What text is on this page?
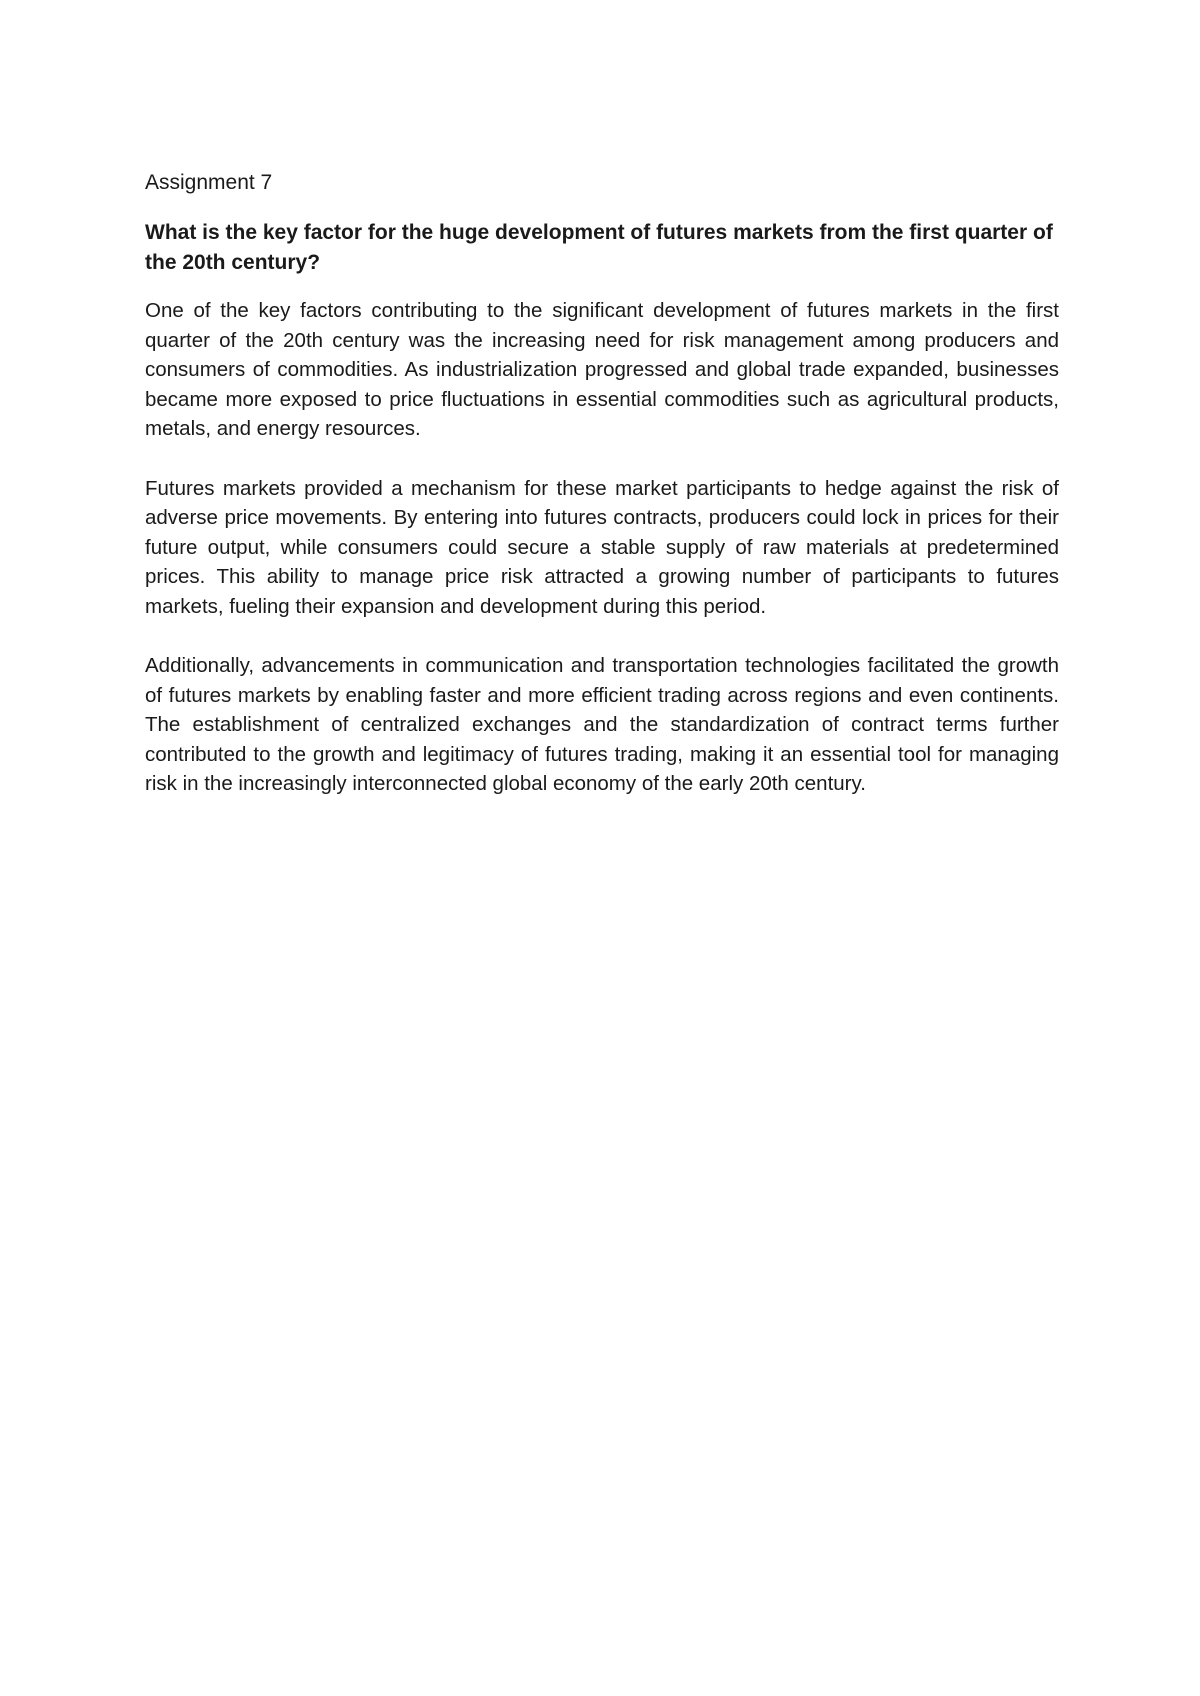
Assignment 7

What is the key factor for the huge development of futures markets from the first quarter of the 20th century?

One of the key factors contributing to the significant development of futures markets in the first quarter of the 20th century was the increasing need for risk management among producers and consumers of commodities. As industrialization progressed and global trade expanded, businesses became more exposed to price fluctuations in essential commodities such as agricultural products, metals, and energy resources.

Futures markets provided a mechanism for these market participants to hedge against the risk of adverse price movements. By entering into futures contracts, producers could lock in prices for their future output, while consumers could secure a stable supply of raw materials at predetermined prices. This ability to manage price risk attracted a growing number of participants to futures markets, fueling their expansion and development during this period.

Additionally, advancements in communication and transportation technologies facilitated the growth of futures markets by enabling faster and more efficient trading across regions and even continents. The establishment of centralized exchanges and the standardization of contract terms further contributed to the growth and legitimacy of futures trading, making it an essential tool for managing risk in the increasingly interconnected global economy of the early 20th century.
